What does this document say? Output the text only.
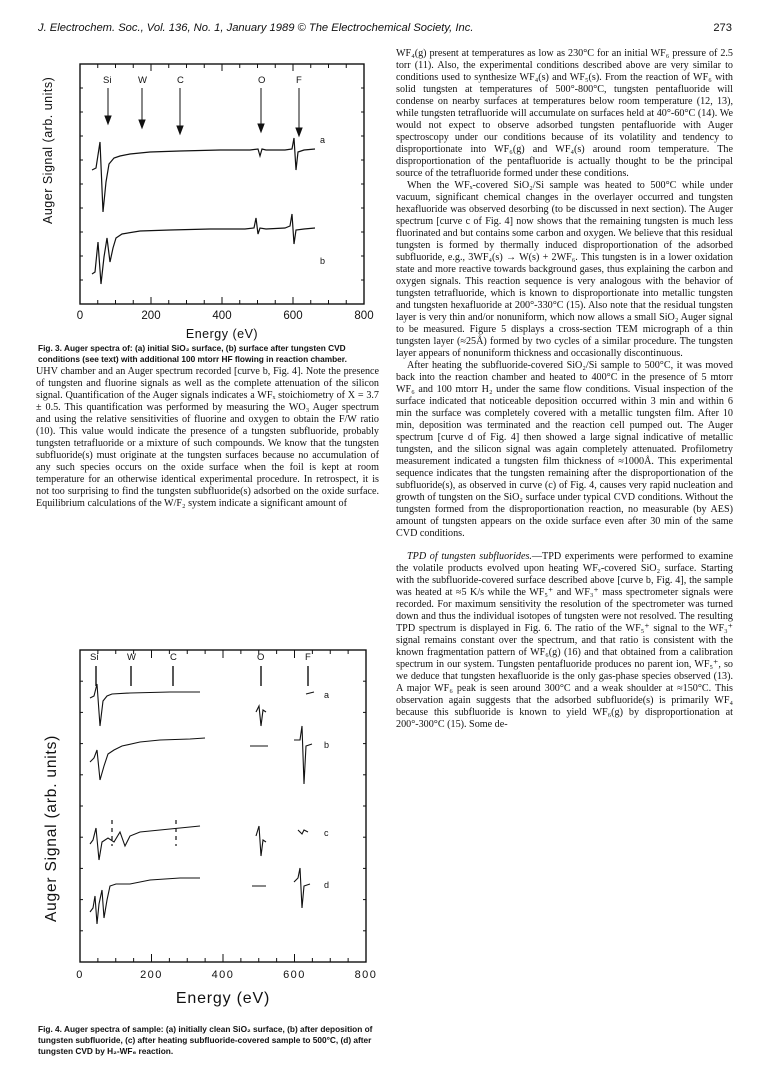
J. Electrochem. Soc., Vol. 136, No. 1, January 1989 © The Electrochemical Society, Inc.	273
Auger Signal (arb. units)	Si	W	C	O	F
a
b
0	200	400	600	800
Energy (eV)
Fig. 3. Auger spectra of: (a) initial SiO₂ surface, (b) surface after tungsten CVD conditions (see text) with additional 100 mtorr HF flowing in reaction chamber.

UHV chamber and an Auger spectrum recorded [curve b, Fig. 4]. Note the presence of tungsten and fluorine signals as well as the complete attenuation of the silicon signal. Quantification of the Auger signals indicates a WFₓ stoichiometry of X = 3.7 ± 0.5. This quantification was performed by measuring the WO₃ Auger spectrum and using the relative sensitivities of fluorine and oxygen to obtain the F/W ratio (10). This value would indicate the presence of a tungsten subfluoride, probably tungsten tetrafluoride or a mixture of such compounds. We know that the tungsten subfluoride(s) must originate at the tungsten surfaces because no accumulation of any such species occurs on the oxide surface when the foil is kept at room temperature for an otherwise identical experimental procedure. In retrospect, it is not too surprising to find the tungsten subfluoride(s) adsorbed on the oxide surface. Equilibrium calculations of the W/F₂ system indicate a significant amount of

Auger Signal (arb. units)
Si	W	C	O	F
a
b
c
d
0	200	400	600	800
Energy (eV)
Fig. 4. Auger spectra of sample: (a) initially clean SiO₂ surface, (b) after deposition of tungsten subfluoride, (c) after heating subfluoride-covered sample to 500°C, (d) after tungsten CVD by H₂-WF₆ reaction.

WF₄(g) present at temperatures as low as 230°C for an initial WF₆ pressure of 2.5 torr (11). Also, the experimental conditions described above are very similar to conditions used to synthesize WF₄(s) and WF₅(s). From the reaction of WF₆ with solid tungsten at temperatures of 500°-800°C, tungsten pentafluoride will condense on nearby surfaces at temperatures below room temperature (12, 13), while tungsten tetrafluoride will accumulate on surfaces held at 40°-60°C (14). We would not expect to observe adsorbed tungsten pentafluoride with Auger spectroscopy under our conditions because of its volatility and tendency to disproportionate into WF₆(g) and WF₄(s) around room temperature. The disproportionation of the pentafluoride is actually thought to be the principal source of the tetrafluoride formed under these conditions.

When the WFₓ-covered SiO₂/Si sample was heated to 500°C while under vacuum, significant chemical changes in the overlayer occurred and tungsten hexafluoride was observed desorbing (to be discussed in next section). The Auger spectrum [curve c of Fig. 4] now shows that the remaining tungsten is much less fluorinated and but contains some carbon and oxygen. We believe that this residual tungsten is formed by thermally induced disproportionation of the adsorbed subfluoride, e.g., 3WF₄(s) → W(s) + 2WF₆. This tungsten is in a lower oxidation state and more reactive towards background gases, thus explaining the carbon and oxygen signals. This reaction sequence is very analogous with the behavior of tungsten tetrafluoride, which is known to disproportionate into metallic tungsten and tungsten hexafluoride at 200°-330°C (15). Also note that the residual tungsten layer is very thin and/or nonuniform, which now allows a small SiO₂ Auger signal to be measured. Figure 5 displays a cross-section TEM micrograph of a thin tungsten layer (≈25Å) formed by two cycles of a similar procedure. The tungsten layer appears of nonuniform thickness and occasionally discontinuous.

After heating the subfluoride-covered SiO₂/Si sample to 500°C, it was moved back into the reaction chamber and heated to 400°C in the presence of 5 mtorr WF₆ and 100 mtorr H₂ under the same flow conditions. Visual inspection of the surface indicated that noticeable deposition occurred within 3 min and within 6 min the surface was completely covered with a metallic tungsten film. After 10 min, deposition was terminated and the reaction cell pumped out. The Auger spectrum [curve d of Fig. 4] then showed a large signal indicative of metallic tungsten, and the silicon signal was again completely attenuated. Profilometry measurement indicated a tungsten film thickness of ≈1000Å. This experimental sequence indicates that the tungsten remaining after the disproportionation of the subfluoride(s), as observed in curve (c) of Fig. 4, causes very rapid nucleation and growth of tungsten on the SiO₂ surface under typical CVD conditions. Without the tungsten formed from the disproportionation reaction, no measurable (by AES) amount of tungsten appears on the oxide surface even after 30 min of the same CVD conditions.

TPD of tungsten subfluorides.—TPD experiments were performed to examine the volatile products evolved upon heating WFₓ-covered SiO₂ surface. Starting with the subfluoride-covered surface described above [curve b, Fig. 4], the sample was heated at ≈5 K/s while the WF₅⁺ and WF₃⁺ mass spectrometer signals were recorded. For maximum sensitivity the resolution of the spectrometer was turned down and thus the individual isotopes of tungsten were not resolved. The resulting TPD spectrum is displayed in Fig. 6. The ratio of the WF₅⁺ signal to the WF₃⁺ signal remains constant over the spectrum, and that ratio is consistent with the known fragmentation pattern of WF₆(g) (16) and that obtained from a calibration spectrum in our system. Tungsten pentafluoride produces no parent ion, WF₅⁺, so we deduce that tungsten hexafluoride is the only gas-phase species observed (13). A major WF₆ peak is seen around 300°C and a weak shoulder at ≈150°C. This observation again suggests that the adsorbed subfluoride(s) is primarily WF₄ because this subfluoride is known to yield WF₆(g) by disproportionation at 200°-300°C (15). Some de-
